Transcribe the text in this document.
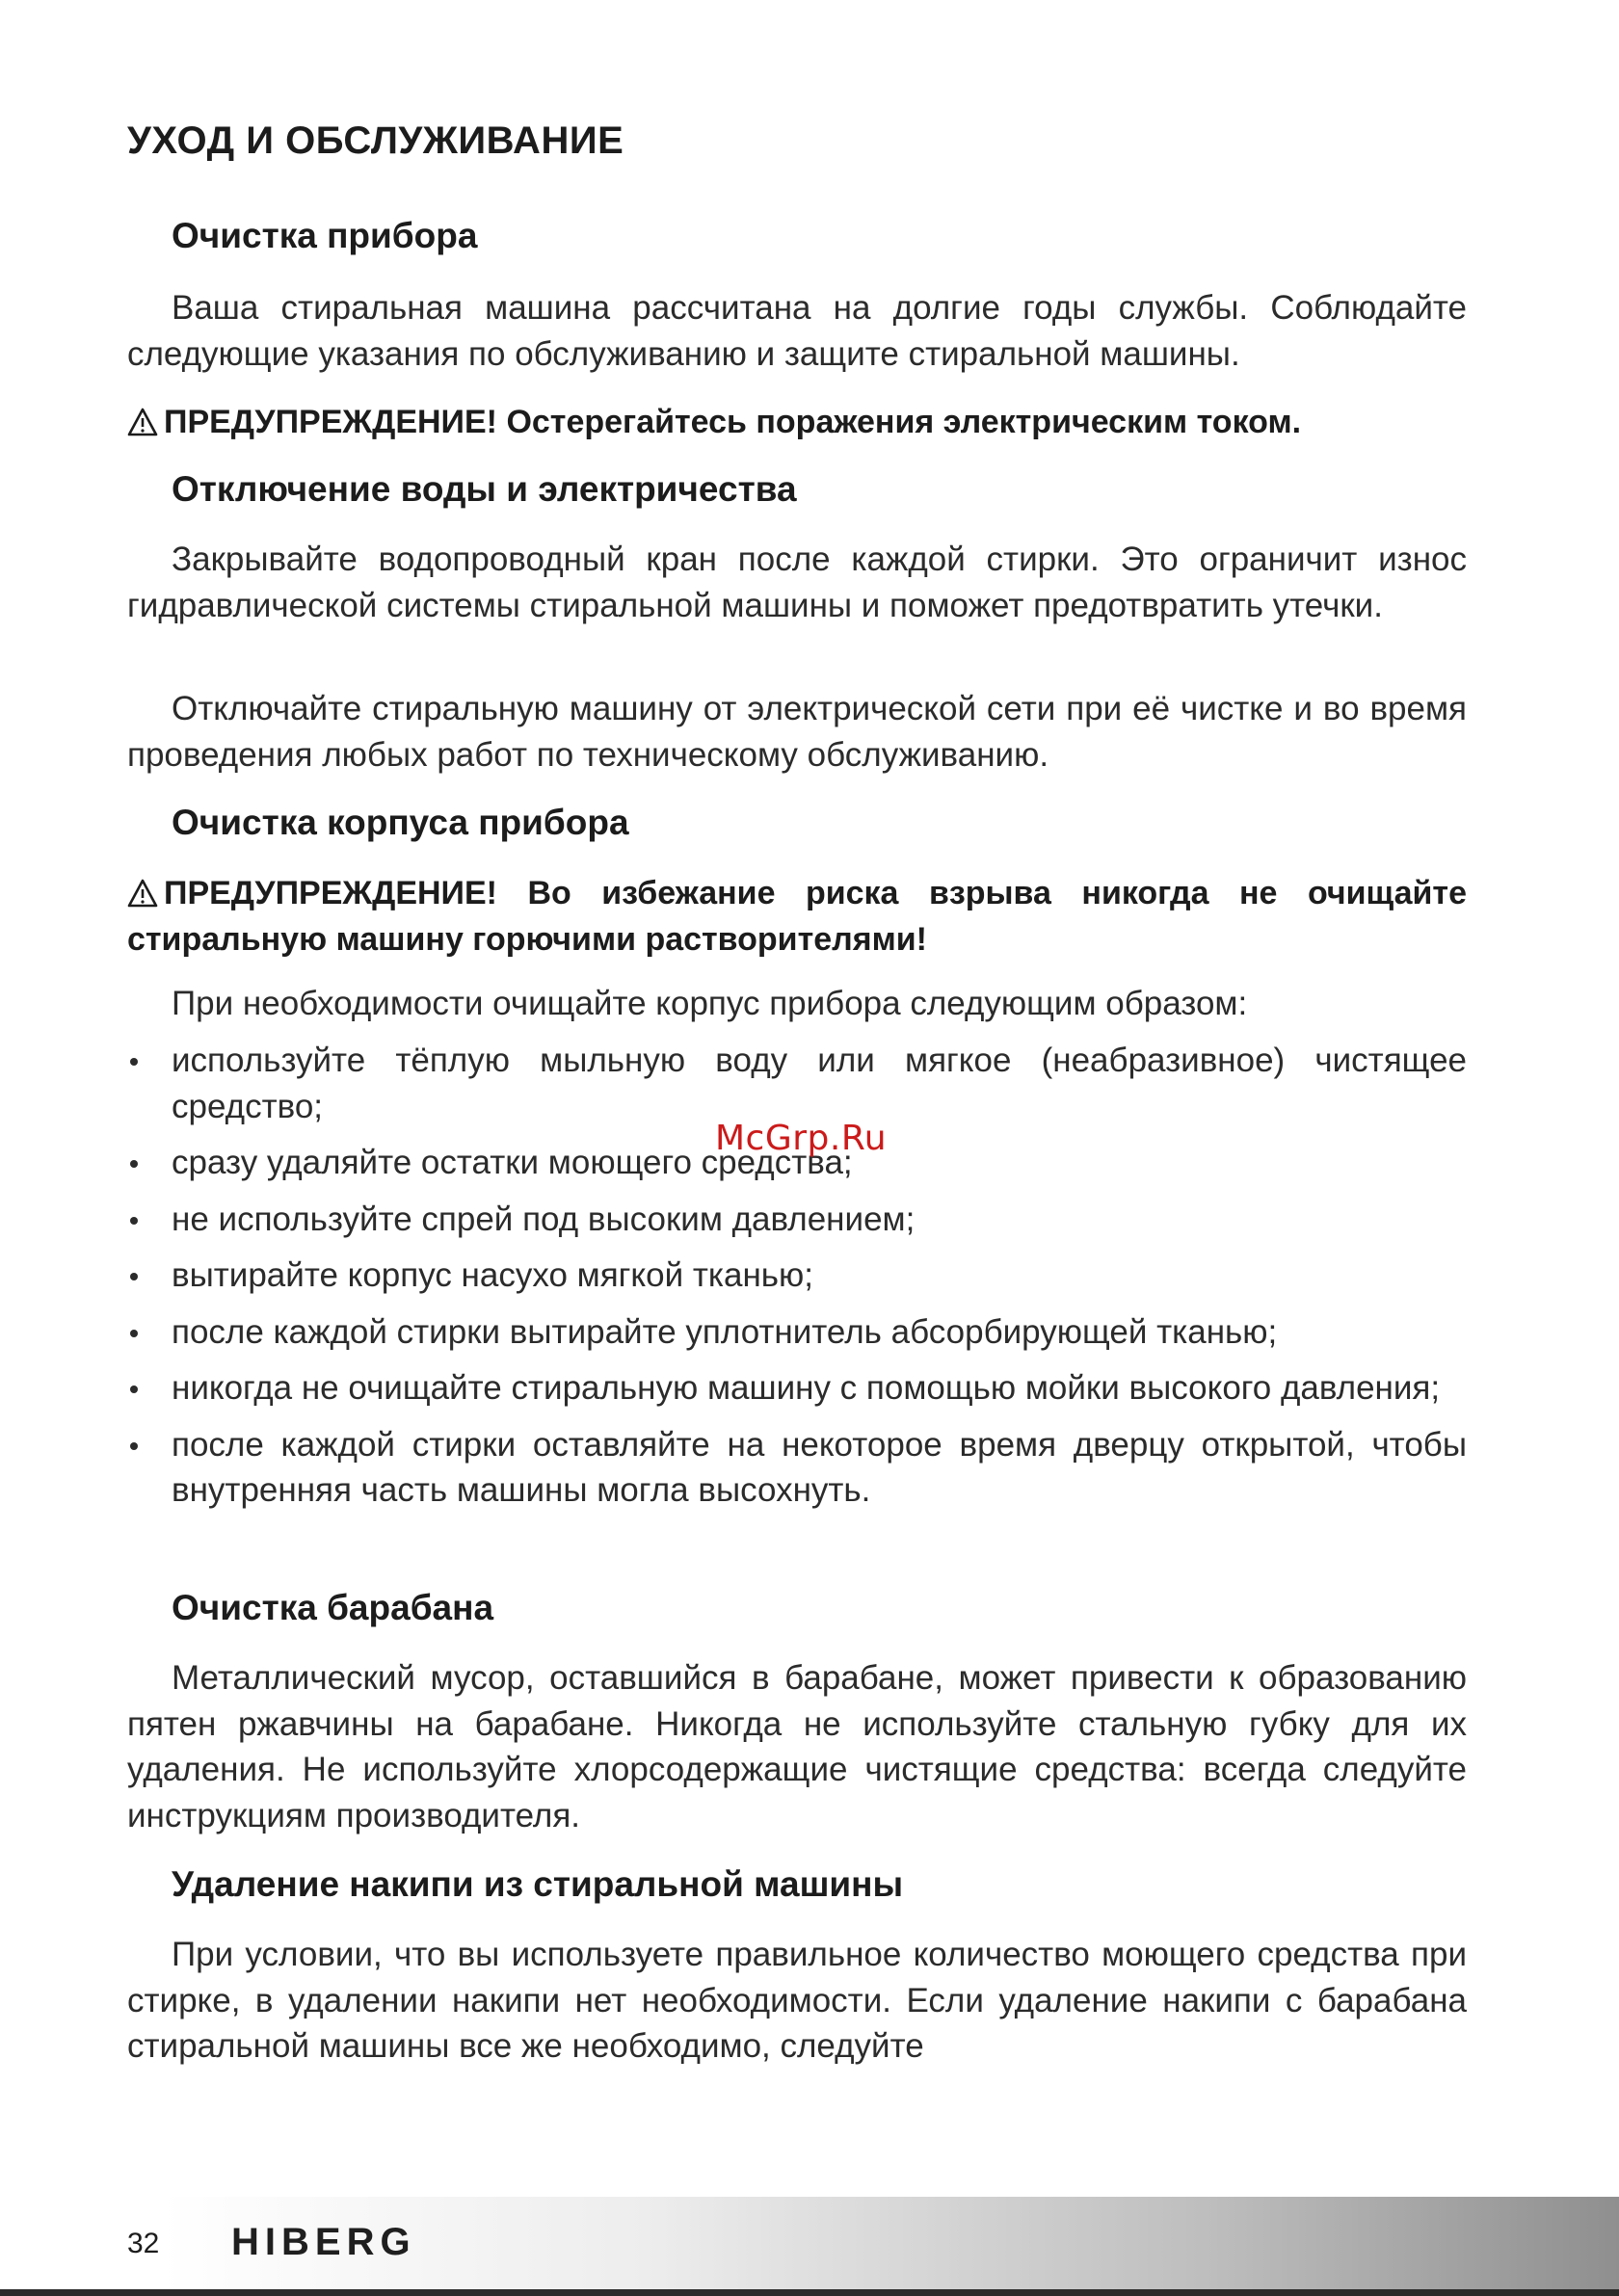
УХОД И ОБСЛУЖИВАНИЕ
Очистка прибора

Ваша стиральная машина рассчитана на долгие годы службы. Соблюдайте следующие указания по обслуживанию и защите стиральной машины.

ПРЕДУПРЕЖДЕНИЕ! Остерегайтесь поражения электрическим током.
Отключение воды и электричества

Закрывайте водопроводный кран после каждой стирки. Это ограничит износ гидравлической системы стиральной машины и поможет предотвратить утечки.

Отключайте стиральную машину от электрической сети при её чистке и во время проведения любых работ по техническому обслуживанию.

Очистка корпуса прибора
ПРЕДУПРЕЖДЕНИЕ! Во избежание риска взрыва никогда не очищайте стиральную машину горючими растворителями!

При необходимости очищайте корпус прибора следующим образом:

используйте тёплую мыльную воду или мягкое (неабразивное) чистящее средство;
сразу удаляйте остатки моющего средства;
не используйте спрей под высоким давлением;
вытирайте корпус насухо мягкой тканью;
после каждой стирки вытирайте уплотнитель абсорбирующей тканью;
никогда не очищайте стиральную машину с помощью мойки высокого давления;
после каждой стирки оставляйте на некоторое время дверцу открытой, чтобы внутренняя часть машины могла высохнуть.
McGrp.Ru
Очистка барабана

Металлический мусор, оставшийся в барабане, может привести к образованию пятен ржавчины на барабане. Никогда не используйте стальную губку для их удаления. Не используйте хлорсодержащие чистящие средства: всегда следуйте инструкциям производителя.

Удаление накипи из стиральной машины

При условии, что вы используете правильное количество моющего средства при стирке, в удалении накипи нет необходимости. Если удаление накипи с барабана стиральной машины все же необходимо, следуйте

32 HIBERG
